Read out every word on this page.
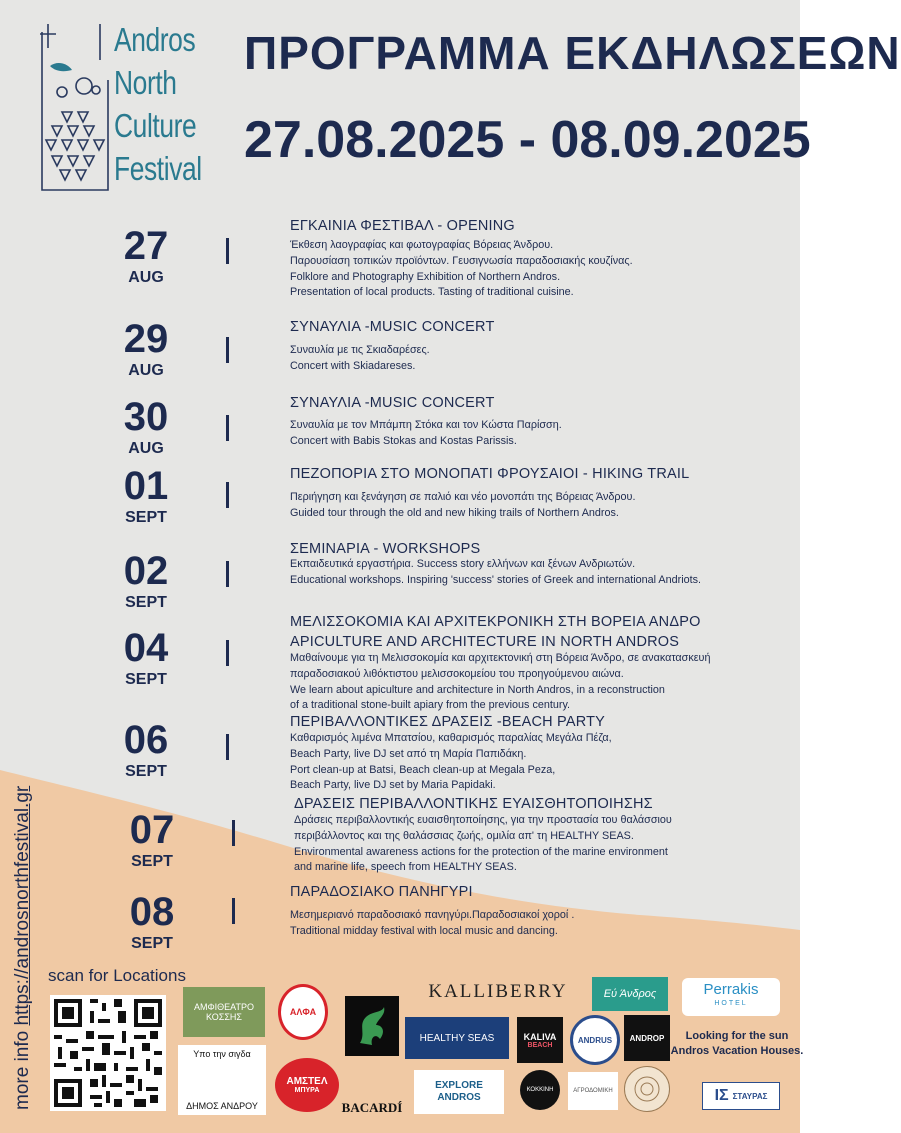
Andros
North
Culture
Festival
ΠΡΟΓΡΑΜΜΑ ΕΚΔΗΛΩΣΕΩΝ
27.08.2025 - 08.09.2025
27
AUG
ΕΓΚΑΙΝΙΑ ΦΕΣΤΙΒΑΛ - OPENING
Έκθεση λαογραφίας και φωτογραφίας Βόρειας Άνδρου.
Παρουσίαση τοπικών προϊόντων. Γευσιγνωσία παραδοσιακής κουζίνας.
Folklore and Photography Exhibition of Northern Andros.
Presentation of local products. Tasting of traditional cuisine.
29
AUG
ΣΥΝΑΥΛΙΑ -MUSIC CONCERT
Συναυλία με τις Σκιαδαρέσες.
Concert with Skiadareses.
30
AUG
ΣΥΝΑΥΛΙΑ -MUSIC CONCERT
Συναυλία με τον Μπάμπη Στόκα και τον Κώστα Παρίσση.
Concert with Babis Stokas and Kostas Parissis.
01
SEPT
ΠΕΖΟΠΟΡΙΑ ΣΤΟ ΜΟΝΟΠΑΤΙ ΦΡΟΥΣΑΙΟΙ - HIKING TRAIL
Περιήγηση και ξενάγηση σε παλιό και νέο μονοπάτι της Βόρειας Άνδρου.
Guided tour through the old and new hiking trails of Northern Andros.
02
SEPT
ΣΕΜΙΝΑΡΙΑ - WORKSHOPS
Εκπαιδευτικά εργαστήρια. Success story ελλήνων και ξένων Ανδριωτών.
Educational workshops. Inspiring 'success' stories of Greek and international Andriots.
04
SEPT
ΜΕΛΙΣΣΟΚΟΜΙΑ ΚΑΙ ΑΡΧΙΤΕΚΡΟΝΙΚΗ ΣΤΗ ΒΟΡΕΙΑ ΑΝΔΡΟ
APICULTURE AND ARCHITECTURE IN NORTH ANDROS
Μαθαίνουμε για τη Μελισσοκομία και αρχιτεκτονική στη Βόρεια Άνδρο, σε ανακατασκευή
παραδοσιακού λιθόκτιστου μελισσοκομείου του προηγούμενου αιώνα.
We learn about apiculture and architecture in North Andros, in a reconstruction
of a traditional stone-built apiary from the previous century.
06
SEPT
ΠΕΡΙΒΑΛΛΟΝΤΙΚΕΣ ΔΡΑΣΕΙΣ -BEACH PARTY
Καθαρισμός λιμένα Μπατσίου, καθαρισμός παραλίας Μεγάλα Πέζα,
Beach Party, live DJ set από τη Μαρία Παπιδάκη.
Port clean-up at Batsi, Beach clean-up at Megala Peza,
Beach Party, live DJ set by Maria Papidaki.
07
SEPT
ΔΡΑΣΕΙΣ ΠΕΡΙΒΑΛΛΟΝΤΙΚΗΣ ΕΥΑΙΣΘΗΤΟΠΟΙΗΣΗΣ
Δράσεις περιβαλλοντικής ευαισθητοποίησης, για την προστασία του θαλάσσιου
περιβάλλοντος και της θαλάσσιας ζωής, ομιλία απ' τη HEALTHY SEAS.
Environmental awareness actions for the protection of the marine environment
and marine life, speech from HEALTHY SEAS.
08
SEPT
ΠΑΡΑΔΟΣΙΑΚΟ ΠΑΝΗΓΥΡΙ
Μεσημεριανό παραδοσιακό πανηγύρι.Παραδοσιακοί χοροί .
Traditional midday festival with local music and dancing.
more info https://androsnorthfestival.gr scan for Locations
ΑΜΦΙΘΕΑΤΡΟ
ΚΟΣΣΗΣ	ΑΛΦΑ
KALLIBERRY	Εύ Άνδρος	Perrakis
HOTEL
HEALTHY SEAS	KALIVA
BEACH
ANDRUS ANDROP Looking for the sun
Andros Vacation Houses.
Υπο την σιγδα
ΔΗΜΟΣ ΑΝΔΡΟΥ
ΑΜΣΤΕΛ
ΜΠΥΡΑ
BACARDÍ
EXPLORE
ANDROS
ΚΟΚΚΙΝΗ	ΑΓΡΟΔΟΜΙΚΗ	ΙΣ ΣΤΑΥΡΑΣ
